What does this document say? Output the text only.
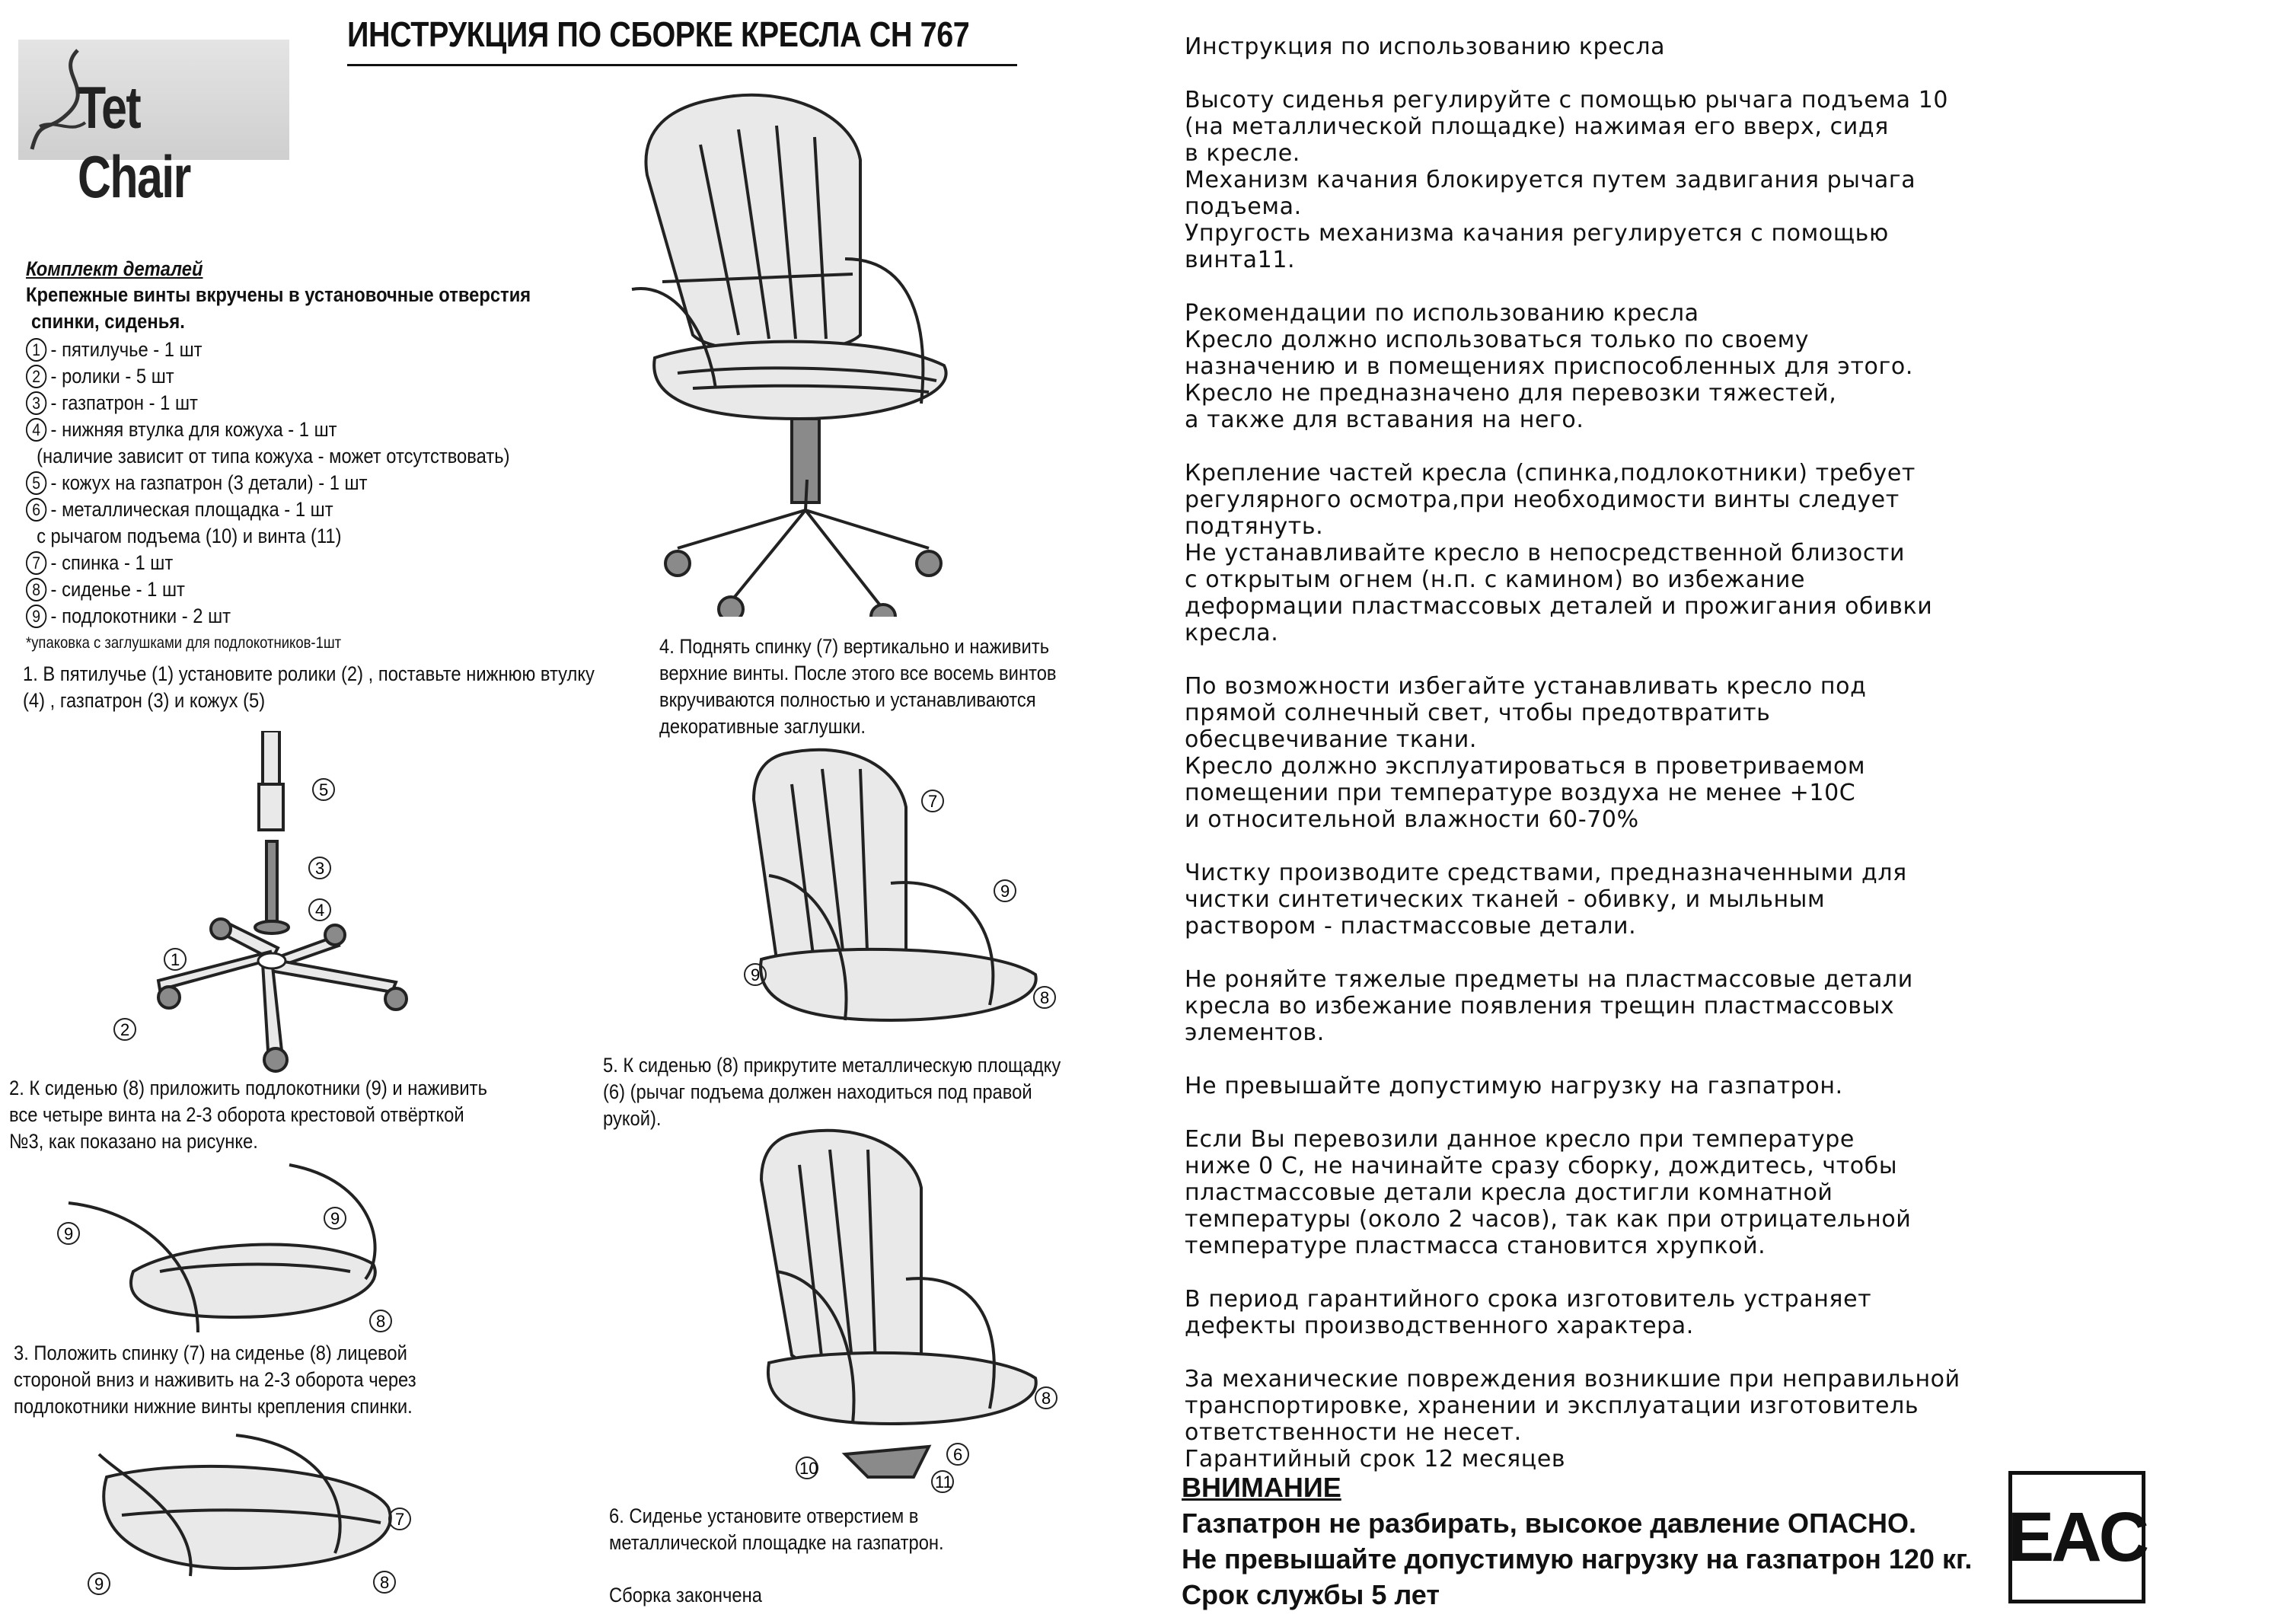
Tet Chair
ИНСТРУКЦИЯ ПО СБОРКЕ КРЕСЛА CH 767
Комплект деталей
Крепежные винты вкручены в установочные отверстия
спинки, сиденья.
1 - пятилучье - 1 шт
2 - ролики - 5 шт
3 - газпатрон - 1 шт
4 - нижняя втулка для кожуха - 1 шт
(наличие зависит от типа кожуха - может отсутствовать)
5 - кожух на газпатрон (3 детали) - 1 шт
6 - металлическая площадка - 1 шт
с рычагом подъема (10) и винта (11)
7 - спинка - 1 шт
8 - сиденье - 1 шт
9 - подлокотники - 2 шт
*упаковка с заглушками для подлокотников-1шт
1. В пятилучье (1) установите ролики (2) , поставьте нижнюю втулку (4) , газпатрон (3) и кожух (5)
5
3
4
1
2
2. К сиденью (8) приложить подлокотники (9) и наживить все четыре винта на 2-3 оборота крестовой отвёрткой №3, как показано на рисунке.
9
9
8
3. Положить спинку (7) на сиденье (8) лицевой стороной вниз и наживить на 2-3 оборота через подлокотники нижние винты крепления спинки.
7
9	8
4. Поднять спинку (7) вертикально и наживить верхние винты. После этого все восемь винтов вкручиваются полностью и устанавливаются декоративные заглушки.
7
9
9
8
5. К сиденью (8) прикрутите металлическую площадку (6) (рычаг подъема должен находиться под правой рукой).
8
6
10
11
6. Сиденье установите отверстием в металлической площадке на газпатрон.
Сборка закончена

Инструкция по использованию кресла

Высоту сиденья регулируйте с помощью рычага подъема 10
(на металлической площадке) нажимая его вверх, сидя
в кресле.
Механизм качания блокируется путем задвигания рычага
подъема.
Упругость механизма качания регулируется с помощью
винта11.

Рекомендации по использованию кресла
Кресло должно использоваться только по своему
назначению и в помещениях приспособленных для этого.
Кресло не предназначено для перевозки тяжестей,
а также для вставания на него.

Крепление частей кресла (спинка,подлокотники) требует
регулярного осмотра,при необходимости винты следует
подтянуть.
Не устанавливайте кресло в непосредственной близости
с открытым огнем (н.п. с камином) во избежание
деформации пластмассовых деталей и прожигания обивки
кресла.

По возможности избегайте устанавливать кресло под
прямой солнечный свет, чтобы предотвратить
обесцвечивание ткани.
Кресло должно эксплуатироваться в проветриваемом
помещении при температуре воздуха не менее +10С
и относительной влажности 60-70%

Чистку производите средствами, предназначенными для
чистки синтетических тканей - обивку, и мыльным
раствором - пластмассовые детали.

Не роняйте тяжелые предметы на пластмассовые детали
кресла во избежание появления трещин пластмассовых
элементов.

Не превышайте допустимую нагрузку на газпатрон.

Если Вы перевозили данное кресло при температуре
ниже 0 С, не начинайте сразу сборку, дождитесь, чтобы
пластмассовые детали кресла достигли комнатной
температуры (около 2 часов), так как при отрицательной
температуре пластмасса становится хрупкой.

В период гарантийного срока изготовитель устраняет
дефекты производственного характера.

За механические повреждения возникшие при неправильной
транспортировке, хранении и эксплуатации изготовитель
ответственности не несет.
Гарантийный срок 12 месяцев

ВНИМАНИЕ
Газпатрон не разбирать, высокое давление ОПАСНО.
Не превышайте допустимую нагрузку на газпатрон 120 кг.
Срок службы 5 лет
EAC
